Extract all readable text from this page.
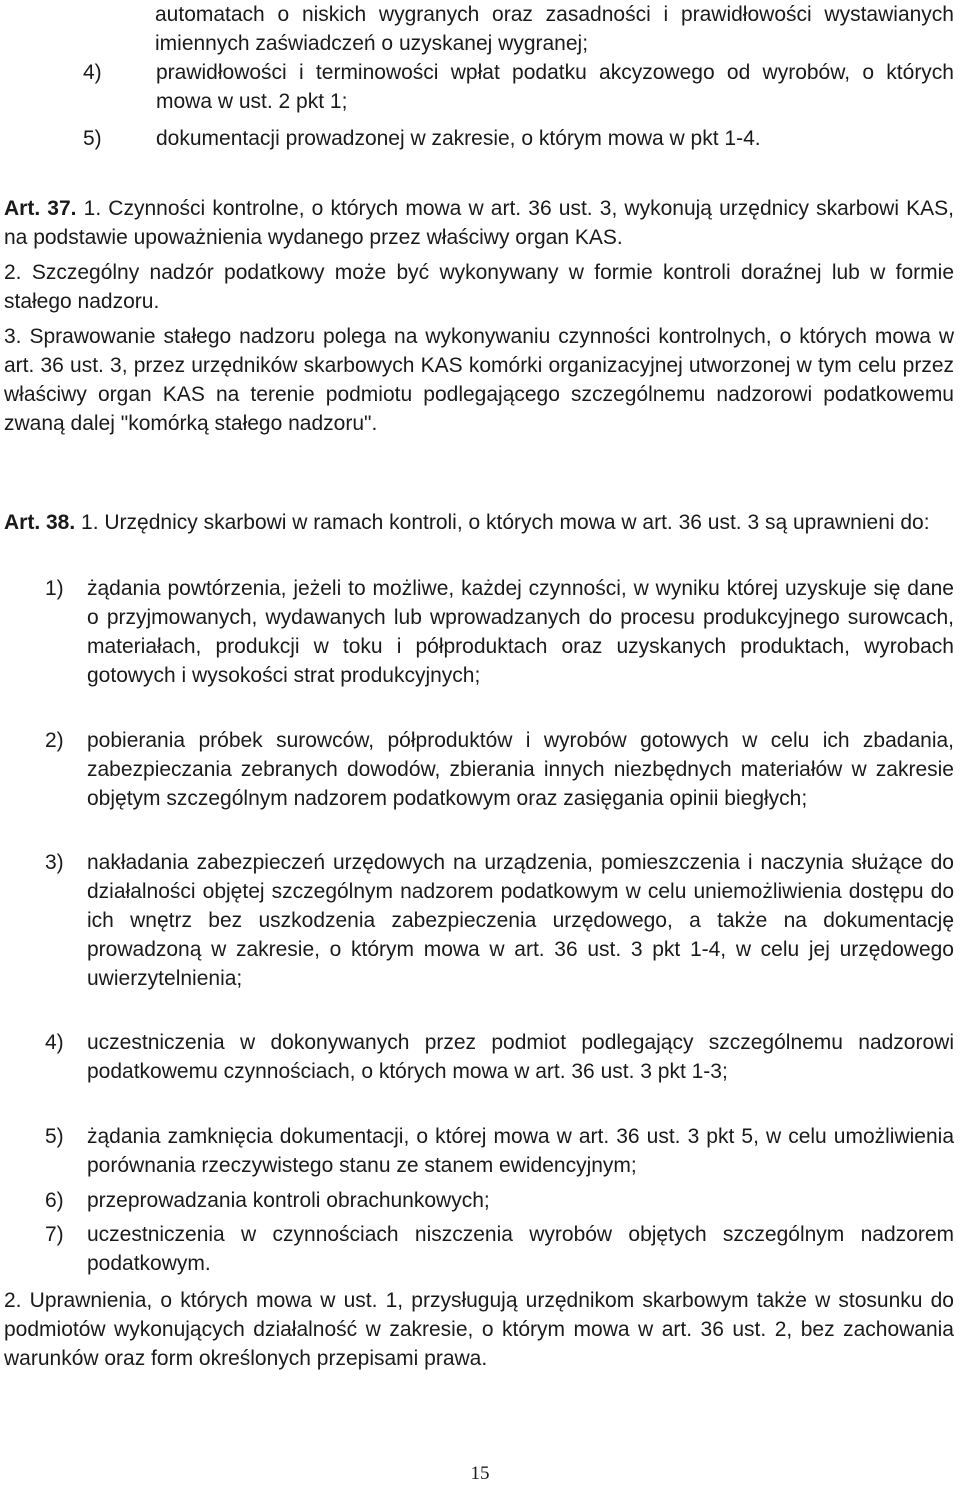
automatach o niskich wygranych oraz zasadności i prawidłowości wystawianych imiennych zaświadczeń o uzyskanej wygranej;
4)	prawidłowości i terminowości wpłat podatku akcyzowego od wyrobów, o których mowa w ust. 2 pkt 1;
5)	dokumentacji prowadzonej w zakresie, o którym mowa w pkt 1-4.
Art. 37. 1. Czynności kontrolne, o których mowa w art. 36 ust. 3, wykonują urzędnicy skarbowi KAS, na podstawie upoważnienia wydanego przez właściwy organ KAS.
2. Szczególny nadzór podatkowy może być wykonywany w formie kontroli doraźnej lub w formie stałego nadzoru.
3. Sprawowanie stałego nadzoru polega na wykonywaniu czynności kontrolnych, o których mowa w art. 36 ust. 3, przez urzędników skarbowych KAS komórki organizacyjnej utworzonej w tym celu przez właściwy organ KAS na terenie podmiotu podlegającego szczególnemu nadzorowi podatkowemu zwaną dalej "komórką stałego nadzoru".
Art. 38. 1. Urzędnicy skarbowi w ramach kontroli, o których mowa w art. 36 ust. 3 są uprawnieni do:
1) żądania powtórzenia, jeżeli to możliwe, każdej czynności, w wyniku której uzyskuje się dane o przyjmowanych, wydawanych lub wprowadzanych do procesu produkcyjnego surowcach, materiałach, produkcji w toku i półproduktach oraz uzyskanych produktach, wyrobach gotowych i wysokości strat produkcyjnych;
2) pobierania próbek surowców, półproduktów i wyrobów gotowych w celu ich zbadania, zabezpieczania zebranych dowodów, zbierania innych niezbędnych materiałów w zakresie objętym szczególnym nadzorem podatkowym oraz zasięgania opinii biegłych;
3) nakładania zabezpieczeń urzędowych na urządzenia, pomieszczenia i naczynia służące do działalności objętej szczególnym nadzorem podatkowym w celu uniemożliwienia dostępu do ich wnętrz bez uszkodzenia zabezpieczenia urzędowego, a także na dokumentację prowadzoną w zakresie, o którym mowa w art. 36 ust. 3 pkt 1-4, w celu jej urzędowego uwierzytelnienia;
4) uczestniczenia w dokonywanych przez podmiot podlegający szczególnemu nadzorowi podatkowemu czynnościach, o których mowa w art. 36 ust. 3 pkt 1-3;
5) żądania zamknięcia dokumentacji, o której mowa w art. 36 ust. 3 pkt 5, w celu umożliwienia porównania rzeczywistego stanu ze stanem ewidencyjnym;
6) przeprowadzania kontroli obrachunkowych;
7) uczestniczenia w czynnościach niszczenia wyrobów objętych szczególnym nadzorem podatkowym.
2. Uprawnienia, o których mowa w ust. 1, przysługują urzędnikom skarbowym także w stosunku do podmiotów wykonujących działalność w zakresie, o którym mowa w art. 36 ust. 2, bez zachowania warunków oraz form określonych przepisami prawa.
15
